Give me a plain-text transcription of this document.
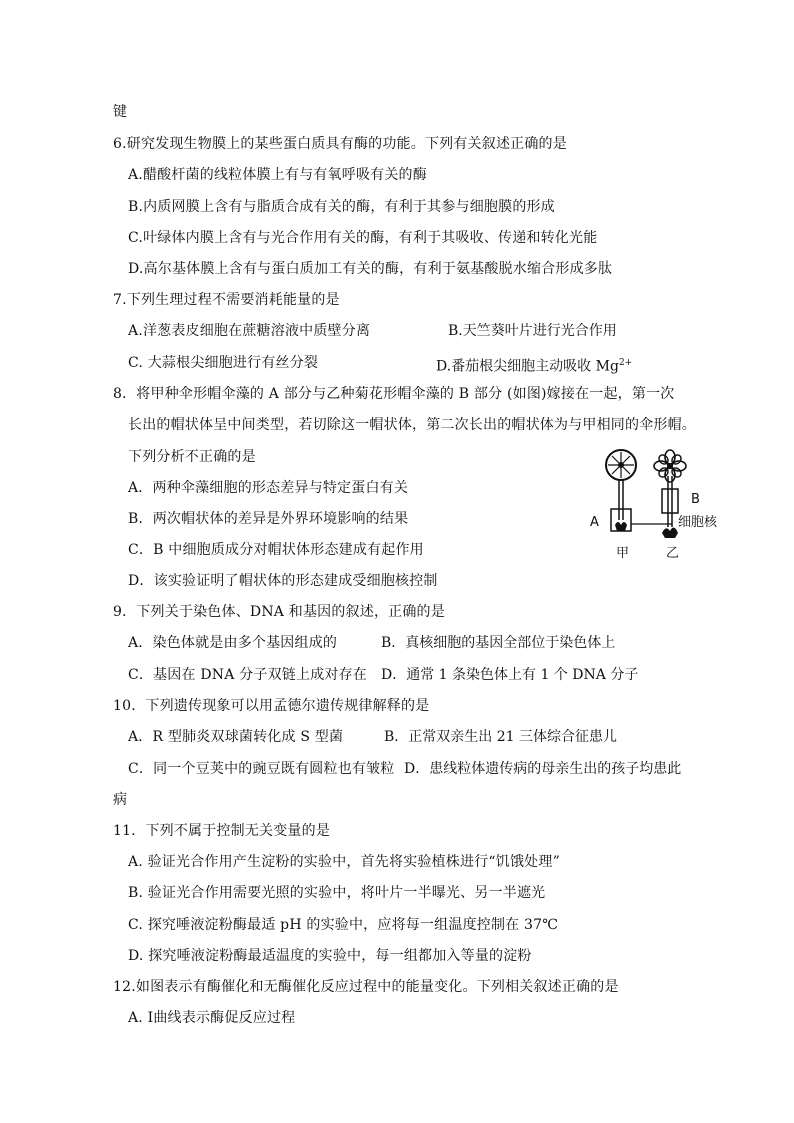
键
6.研究发现生物膜上的某些蛋白质具有酶的功能。下列有关叙述正确的是
A.醋酸杆菌的线粒体膜上有与有氧呼吸有关的酶
B.内质网膜上含有与脂质合成有关的酶，有利于其参与细胞膜的形成
C.叶绿体内膜上含有与光合作用有关的酶，有利于其吸收、传递和转化光能
D.高尔基体膜上含有与蛋白质加工有关的酶，有利于氨基酸脱水缩合形成多肽
7.下列生理过程不需要消耗能量的是
A.洋葱表皮细胞在蔗糖溶液中质壁分离	B.天竺葵叶片进行光合作用
C. 大蒜根尖细胞进行有丝分裂	D.番茄根尖细胞主动吸收 $Mg^{2+}$
8．将甲种伞形帽伞藻的 A 部分与乙种菊花形帽伞藻的 B 部分 (如图)嫁接在一起，第一次
长出的帽状体呈中间类型，若切除这一帽状体，第二次长出的帽状体为与甲相同的伞形帽。
下列分析不正确的是
A．两种伞藻细胞的形态差异与特定蛋白有关
B．两次帽状体的差异是外界环境影响的结果
C．B 中细胞质成分对帽状体形态建成有起作用
D．该实验证明了帽状体的形态建成受细胞核控制
A
B
细胞核
甲	乙
9．下列关于染色体、DNA 和基因的叙述，正确的是
A．染色体就是由多个基因组成的	B．真核细胞的基因全部位于染色体上
C．基因在 DNA 分子双链上成对存在 D．通常 1 条染色体上有 1 个 DNA 分子
10．下列遗传现象可以用孟德尔遗传规律解释的是
A．R 型肺炎双球菌转化成 S 型菌	B．正常双亲生出 21 三体综合征患儿
C．同一个豆荚中的豌豆既有圆粒也有皱粒 D．患线粒体遗传病的母亲生出的孩子均患此
病
11．下列不属于控制无关变量的是
A. 验证光合作用产生淀粉的实验中，首先将实验植株进行“饥饿处理”
B. 验证光合作用需要光照的实验中，将叶片一半曝光、另一半遮光
C. 探究唾液淀粉酶最适 pH 的实验中，应将每一组温度控制在 37℃
D. 探究唾液淀粉酶最适温度的实验中，每一组都加入等量的淀粉
12.如图表示有酶催化和无酶催化反应过程中的能量变化。下列相关叙述正确的是
A. Ⅰ曲线表示酶促反应过程
